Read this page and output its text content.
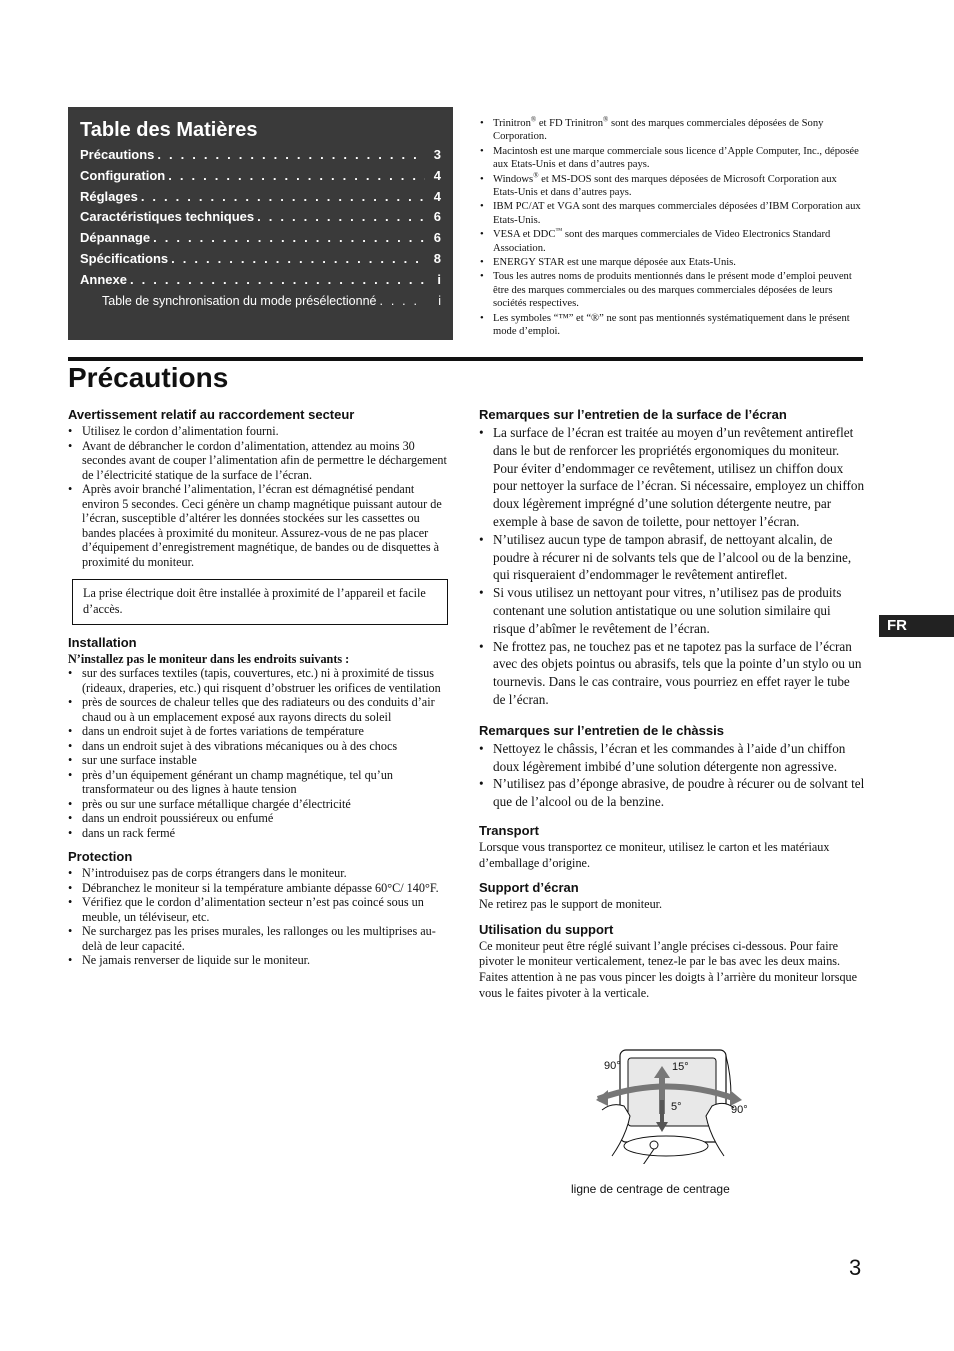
Table des Matières
Précautions . . .	3
Configuration . . .	4
Réglages . . .	4
Caractéristiques techniques . . .	6
Dépannage . . .	6
Spécifications . . .	8
Annexe . . .	i
Table de synchronisation du mode présélectionné . . .	i
• Trinitron® et FD Trinitron® sont des marques commerciales déposées de Sony Corporation.
• Macintosh est une marque commerciale sous licence d’Apple Computer, Inc., déposée aux Etats-Unis et dans d’autres pays.
• Windows® et MS-DOS sont des marques déposées de Microsoft Corporation aux Etats-Unis et dans d’autres pays.
• IBM PC/AT et VGA sont des marques commerciales déposées d’IBM Corporation aux Etats-Unis.
• VESA et DDC™ sont des marques commerciales de Video Electronics Standard Association.
• ENERGY STAR est une marque déposée aux Etats-Unis.
• Tous les autres noms de produits mentionnés dans le présent mode d’emploi peuvent être des marques commerciales ou des marques commerciales déposées de leurs sociétés respectives.
• Les symboles “™” et “®” ne sont pas mentionnés systématiquement dans le présent mode d’emploi.
Précautions
Avertissement relatif au raccordement secteur
• Utilisez le cordon d’alimentation fourni.
• Avant de débrancher le cordon d’alimentation, attendez au moins 30 secondes avant de couper l’alimentation afin de permettre le déchargement de l’électricité statique de la surface de l’écran.
• Après avoir branché l’alimentation, l’écran est démagnétisé pendant environ 5 secondes. Ceci génère un champ magnétique puissant autour de l’écran, susceptible d’altérer les données stockées sur les cassettes ou bandes placées à proximité du moniteur. Assurez-vous de ne pas placer d’équipement d’enregistrement magnétique, de bandes ou de disquettes à proximité du moniteur.
La prise électrique doit être installée à proximité de l’appareil et facile d’accès.
Installation

N’installez pas le moniteur dans les endroits suivants :

• sur des surfaces textiles (tapis, couvertures, etc.) ni à proximité de tissus (rideaux, draperies, etc.) qui risquent d’obstruer les orifices de ventilation
• près de sources de chaleur telles que des radiateurs ou des conduits d’air chaud ou à un emplacement exposé aux rayons directs du soleil
• dans un endroit sujet à de fortes variations de température
• dans un endroit sujet à des vibrations mécaniques ou à des chocs
• sur une surface instable
• près d’un équipement générant un champ magnétique, tel qu’un transformateur ou des lignes à haute tension
• près ou sur une surface métallique chargée d’électricité
• dans un endroit poussiéreux ou enfumé
• dans un rack fermé
Protection
• N’introduisez pas de corps étrangers dans le moniteur.
• Débranchez le moniteur si la température ambiante dépasse 60°C/ 140°F.
• Vérifiez que le cordon d’alimentation secteur n’est pas coincé sous un meuble, un téléviseur, etc.
• Ne surchargez pas les prises murales, les rallonges ou les multiprises au-delà de leur capacité.
• Ne jamais renverser de liquide sur le moniteur.
Remarques sur l’entretien de la surface de l’écran
• La surface de l’écran est traitée au moyen d’un revêtement antireflet dans le but de renforcer les propriétés ergonomiques du moniteur. Pour éviter d’endommager ce revêtement, utilisez un chiffon doux pour nettoyer la surface de l’écran. Si nécessaire, employez un chiffon doux légèrement imprégné d’une solution détergente neutre, par exemple à base de savon de toilette, pour nettoyer l’écran.
• N’utilisez aucun type de tampon abrasif, de nettoyant alcalin, de poudre à récurer ni de solvants tels que de l’alcool ou de la benzine, qui risqueraient d’endommager le revêtement antireflet.
• Si vous utilisez un nettoyant pour vitres, n’utilisez pas de produits contenant une solution antistatique ou une solution similaire qui risque d’abîmer le revêtement de l’écran.
• Ne frottez pas, ne touchez pas et ne tapotez pas la surface de l’écran avec des objets pointus ou abrasifs, tels que la pointe d’un stylo ou un tournevis. Dans le cas contraire, vous pourriez en effet rayer le tube de l’écran.
Remarques sur l’entretien de le chàssis
• Nettoyez le châssis, l’écran et les commandes à l’aide d’un chiffon doux légèrement imbibé d’une solution détergente non agressive.
• N’utilisez pas d’éponge abrasive, de poudre à récurer ou de solvant tel que de l’alcool ou de la benzine.
Transport

Lorsque vous transportez ce moniteur, utilisez le carton et les matériaux d’emballage d’origine.

Support d’écran

Ne retirez pas le support de moniteur.

Utilisation du support

Ce moniteur peut être réglé suivant l’angle précises ci-dessous. Pour faire pivoter le moniteur verticalement, tenez-le par le bas avec les deux mains. Faites attention à ne pas vous pincer les doigts à l’arrière du moniteur lorsque vous le faites pivoter à la verticale.

90°	15°
5°	90°
ligne de centrage de centrage
FR
3
